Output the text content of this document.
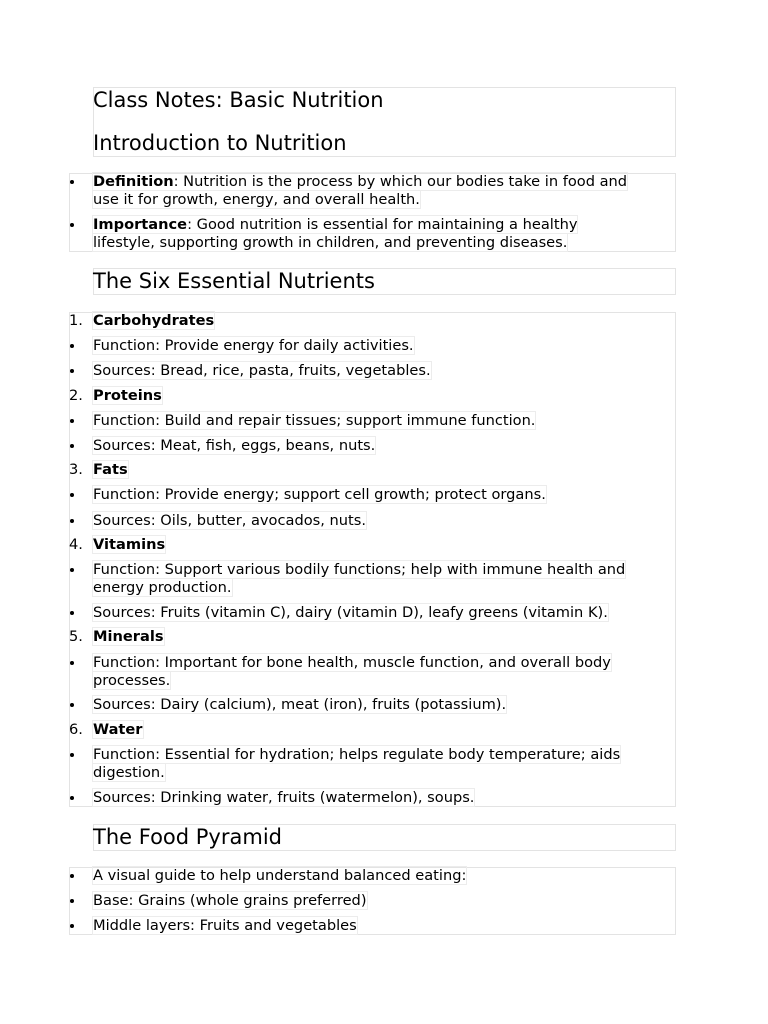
Class Notes: Basic Nutrition
Introduction to Nutrition
Definition: Nutrition is the process by which our bodies take in food and
use it for growth, energy, and overall health.
Importance: Good nutrition is essential for maintaining a healthy
lifestyle, supporting growth in children, and preventing diseases.
The Six Essential Nutrients
1. Carbohydrates
Function: Provide energy for daily activities.
Sources: Bread, rice, pasta, fruits, vegetables.
2. Proteins
Function: Build and repair tissues; support immune function.
Sources: Meat, fish, eggs, beans, nuts.
3. Fats
Function: Provide energy; support cell growth; protect organs.
Sources: Oils, butter, avocados, nuts.
4. Vitamins
Function: Support various bodily functions; help with immune health and
energy production.
Sources: Fruits (vitamin C), dairy (vitamin D), leafy greens (vitamin K).
5. Minerals
Function: Important for bone health, muscle function, and overall body
processes.
Sources: Dairy (calcium), meat (iron), fruits (potassium).
6. Water
Function: Essential for hydration; helps regulate body temperature; aids
digestion.
Sources: Drinking water, fruits (watermelon), soups.
The Food Pyramid
A visual guide to help understand balanced eating:
Base: Grains (whole grains preferred)
Middle layers: Fruits and vegetables
